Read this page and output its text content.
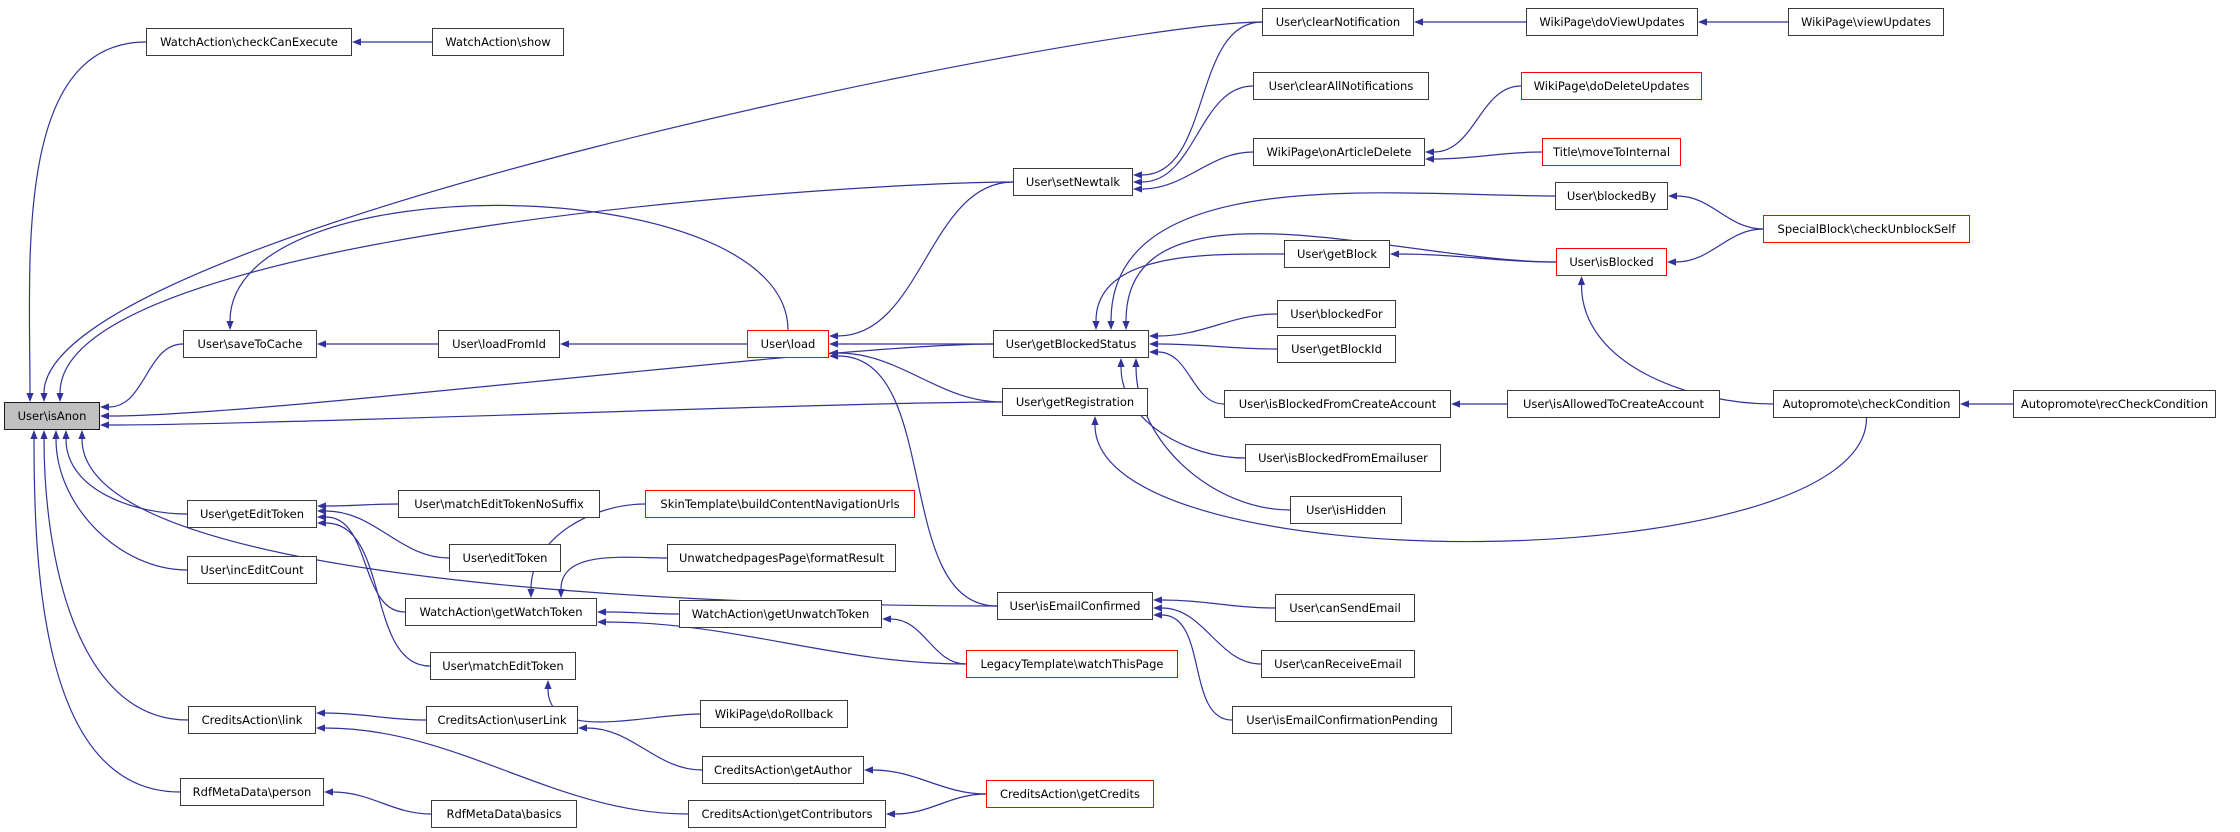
User\isAnon
WatchAction\checkCanExecute	WatchAction\show
User\clearNotification	WikiPage\doViewUpdates	WikiPage\viewUpdates
User\clearAllNotifications	WikiPage\doDeleteUpdates
WikiPage\onArticleDelete	Title\moveToInternal
User\setNewtalk
User\blockedBy
SpecialBlock\checkUnblockSelf
User\isBlocked
User\getBlock
User\blockedFor
User\getBlockedStatus	User\getBlockId
User\isBlockedFromCreateAccount	User\isAllowedToCreateAccount	Autopromote\checkCondition	Autopromote\recCheckCondition
User\isBlockedFromEmailuser
User\isHidden
User\saveToCache	User\loadFromId	User\load
User\getRegistration
User\getEditToken
User\matchEditTokenNoSuffix	SkinTemplate\buildContentNavigationUrls
User\editToken	UnwatchedpagesPage\formatResult
User\incEditCount
WatchAction\getWatchToken	WatchAction\getUnwatchToken
User\isEmailConfirmed	User\canSendEmail
User\matchEditToken	LegacyTemplate\watchThisPage	User\canReceiveEmail
User\isEmailConfirmationPending
CreditsAction\link	CreditsAction\userLink	WikiPage\doRollback
CreditsAction\getAuthor
CreditsAction\getContributors
CreditsAction\getCredits
RdfMetaData\person
RdfMetaData\basics
